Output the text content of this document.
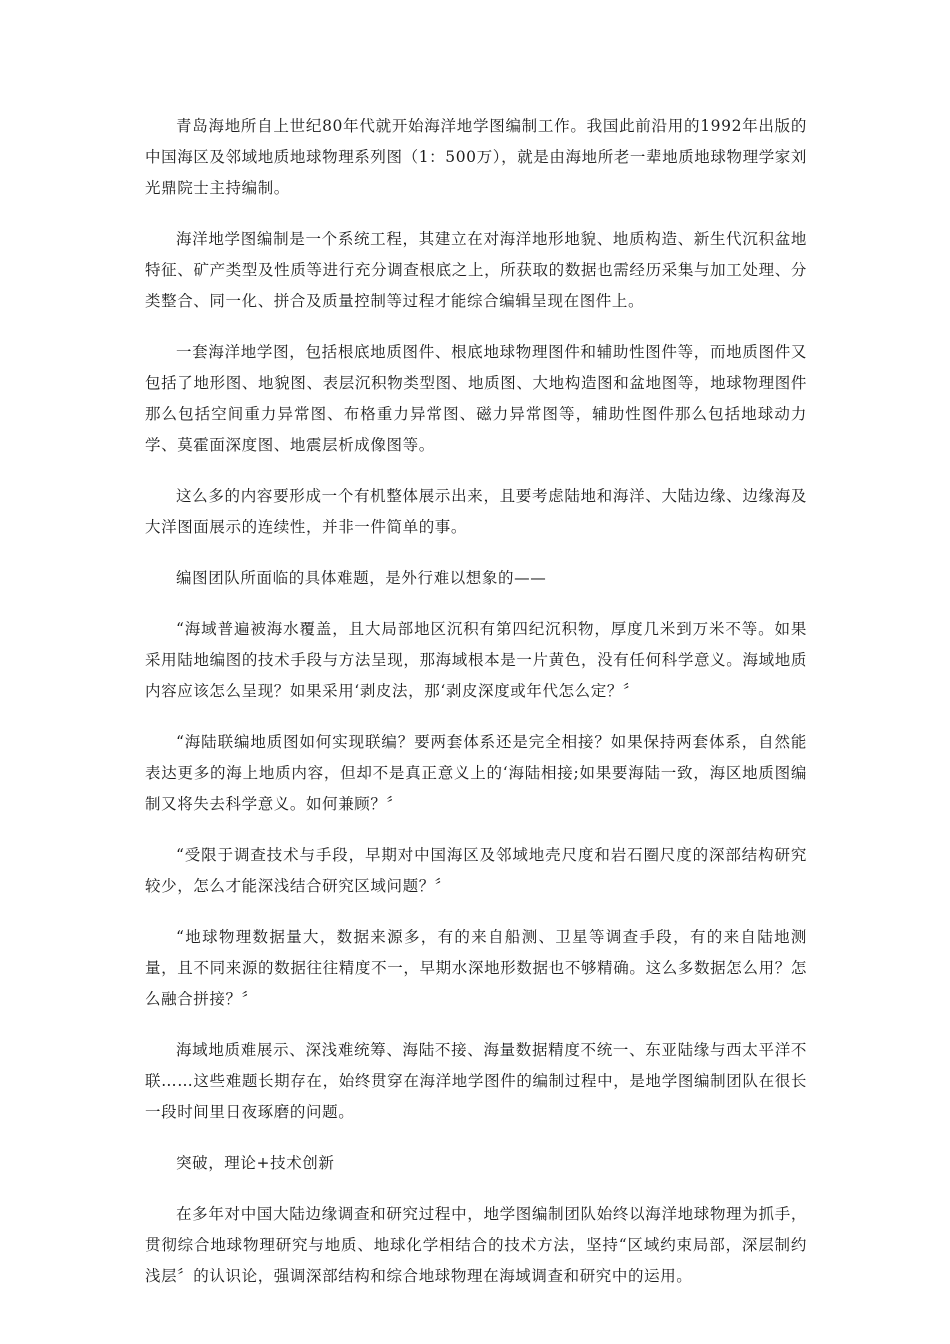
青岛海地所自上世纪80年代就开始海洋地学图编制工作。我国此前沿用的1992年出版的中国海区及邻域地质地球物理系列图（1：500万），就是由海地所老一辈地质地球物理学家刘光鼎院士主持编制。

海洋地学图编制是一个系统工程，其建立在对海洋地形地貌、地质构造、新生代沉积盆地特征、矿产类型及性质等进行充分调查根底之上，所获取的数据也需经历采集与加工处理、分类整合、同一化、拼合及质量控制等过程才能综合编辑呈现在图件上。

一套海洋地学图，包括根底地质图件、根底地球物理图件和辅助性图件等，而地质图件又包括了地形图、地貌图、表层沉积物类型图、地质图、大地构造图和盆地图等，地球物理图件那么包括空间重力异常图、布格重力异常图、磁力异常图等，辅助性图件那么包括地球动力学、莫霍面深度图、地震层析成像图等。

这么多的内容要形成一个有机整体展示出来，且要考虑陆地和海洋、大陆边缘、边缘海及大洋图面展示的连续性，并非一件简单的事。

编图团队所面临的具体难题，是外行难以想象的——

“海域普遍被海水覆盖，且大局部地区沉积有第四纪沉积物，厚度几米到万米不等。如果采用陆地编图的技术手段与方法呈现，那海域根本是一片黄色，没有任何科学意义。海域地质内容应该怎么呈现？如果采用‘剥皮法，那‘剥皮深度或年代怎么定？〞

“海陆联编地质图如何实现联编？要两套体系还是完全相接？如果保持两套体系，自然能表达更多的海上地质内容，但却不是真正意义上的‘海陆相接;如果要海陆一致，海区地质图编制又将失去科学意义。如何兼顾？〞

“受限于调查技术与手段，早期对中国海区及邻域地壳尺度和岩石圈尺度的深部结构研究较少，怎么才能深浅结合研究区域问题？〞

“地球物理数据量大，数据来源多，有的来自船测、卫星等调查手段，有的来自陆地测量，且不同来源的数据往往精度不一，早期水深地形数据也不够精确。这么多数据怎么用？怎么融合拼接？〞

海域地质难展示、深浅难统筹、海陆不接、海量数据精度不统一、东亚陆缘与西太平洋不联……这些难题长期存在，始终贯穿在海洋地学图件的编制过程中，是地学图编制团队在很长一段时间里日夜琢磨的问题。

突破，理论+技术创新

在多年对中国大陆边缘调查和研究过程中，地学图编制团队始终以海洋地球物理为抓手，贯彻综合地球物理研究与地质、地球化学相结合的技术方法，坚持“区域约束局部，深层制约浅层〞的认识论，强调深部结构和综合地球物理在海域调查和研究中的运用。
